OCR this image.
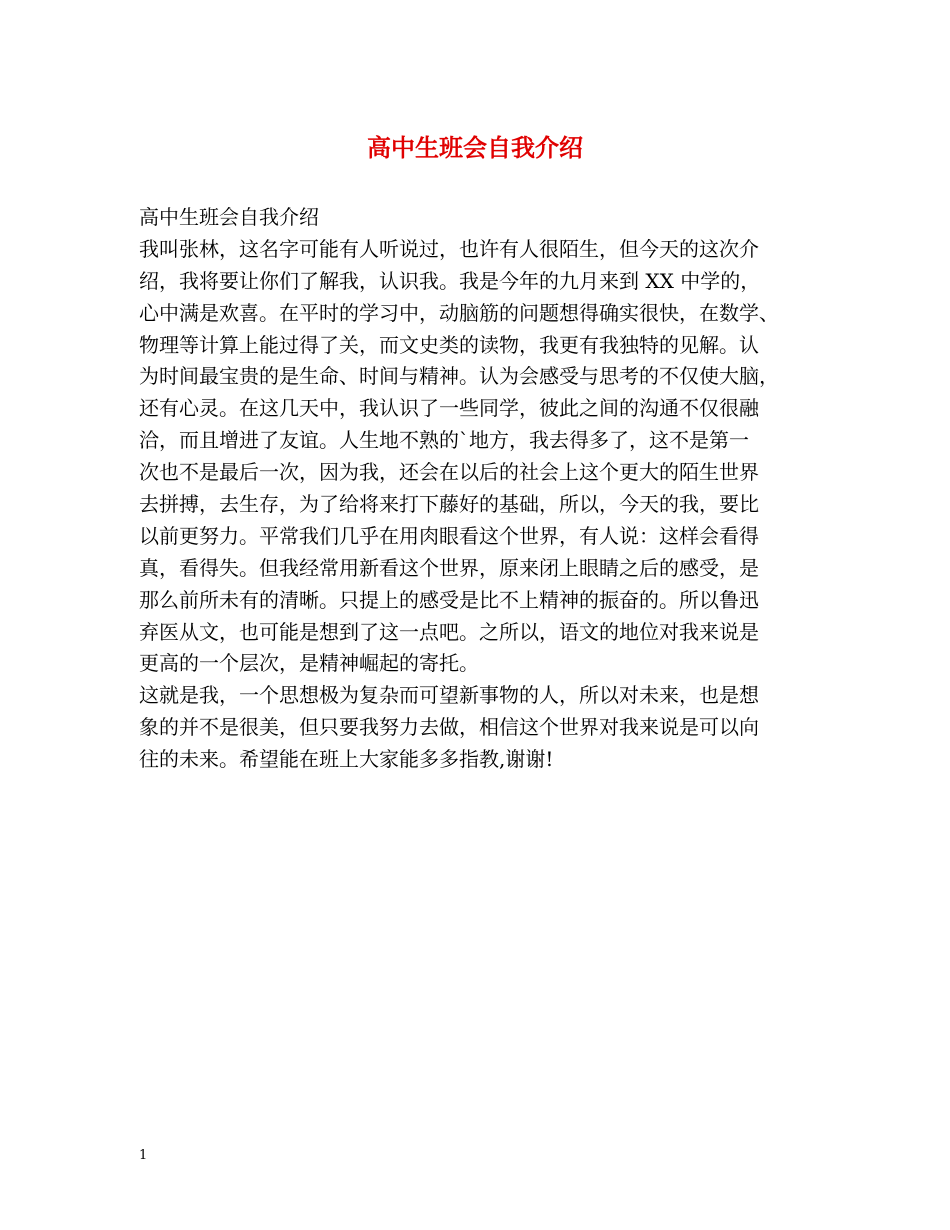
高中生班会自我介绍
高中生班会自我介绍
我叫张林，这名字可能有人听说过，也许有人很陌生，但今天的这次介
绍，我将要让你们了解我，认识我。我是今年的九月来到 XX 中学的，
心中满是欢喜。在平时的学习中，动脑筋的问题想得确实很快，在数学、
物理等计算上能过得了关，而文史类的读物，我更有我独特的见解。认
为时间最宝贵的是生命、时间与精神。认为会感受与思考的不仅使大脑，
还有心灵。在这几天中，我认识了一些同学，彼此之间的沟通不仅很融
洽，而且增进了友谊。人生地不熟的`地方，我去得多了，这不是第一
次也不是最后一次，因为我，还会在以后的社会上这个更大的陌生世界
去拼搏，去生存，为了给将来打下藤好的基础，所以，今天的我，要比
以前更努力。平常我们几乎在用肉眼看这个世界，有人说：这样会看得
真，看得失。但我经常用新看这个世界，原来闭上眼睛之后的感受，是
那么前所未有的清晰。只提上的感受是比不上精神的振奋的。所以鲁迅
弃医从文，也可能是想到了这一点吧。之所以，语文的地位对我来说是
更高的一个层次，是精神崛起的寄托。
这就是我，一个思想极为复杂而可望新事物的人，所以对未来，也是想
象的并不是很美，但只要我努力去做，相信这个世界对我来说是可以向
往的未来。希望能在班上大家能多多指教,谢谢!
1
